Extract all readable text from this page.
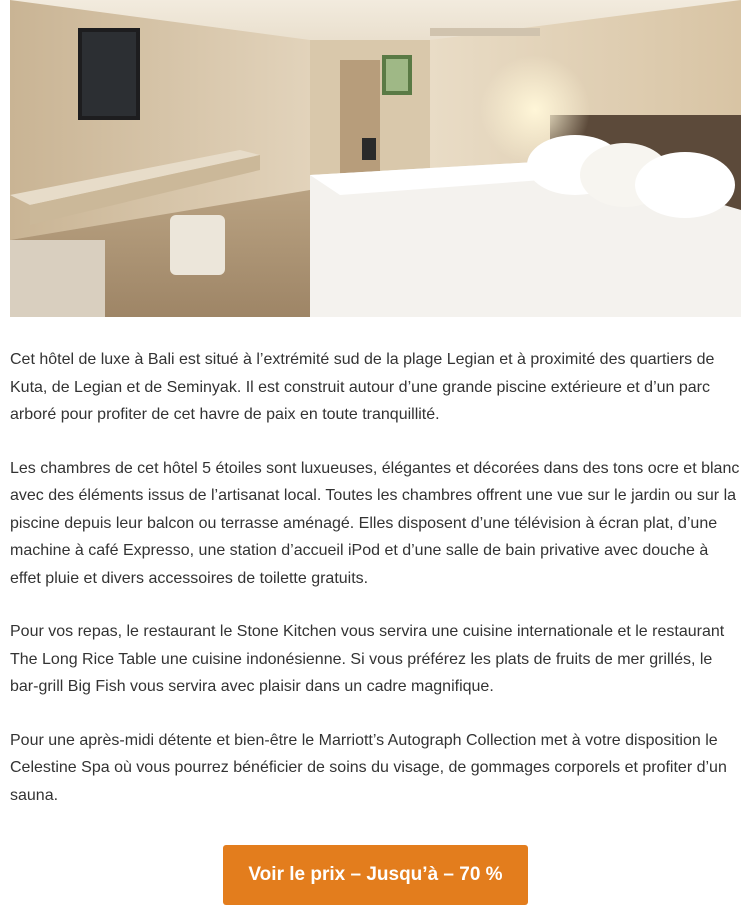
Cet hôtel de luxe à Bali est situé à l’extrémité sud de la plage Legian et à proximité des quartiers de Kuta, de Legian et de Seminyak. Il est construit autour d’une grande piscine extérieure et d’un parc arboré pour profiter de cet havre de paix en toute tranquillité.

Les chambres de cet hôtel 5 étoiles sont luxueuses, élégantes et décorées dans des tons ocre et blanc avec des éléments issus de l’artisanat local. Toutes les chambres offrent une vue sur le jardin ou sur la piscine depuis leur balcon ou terrasse aménagé. Elles disposent d’une télévision à écran plat, d’une machine à café Expresso, une station d’accueil iPod et d’une salle de bain privative avec douche à effet pluie et divers accessoires de toilette gratuits.

Pour vos repas, le restaurant le Stone Kitchen vous servira une cuisine internationale et le restaurant The Long Rice Table une cuisine indonésienne. Si vous préférez les plats de fruits de mer grillés, le bar-grill Big Fish vous servira avec plaisir dans un cadre magnifique.

Pour une après-midi détente et bien-être le Marriott’s Autograph Collection met à votre disposition le Celestine Spa où vous pourrez bénéficier de soins du visage, de gommages corporels et profiter d’un sauna.

Voir le prix – Jusqu’à – 70 %
